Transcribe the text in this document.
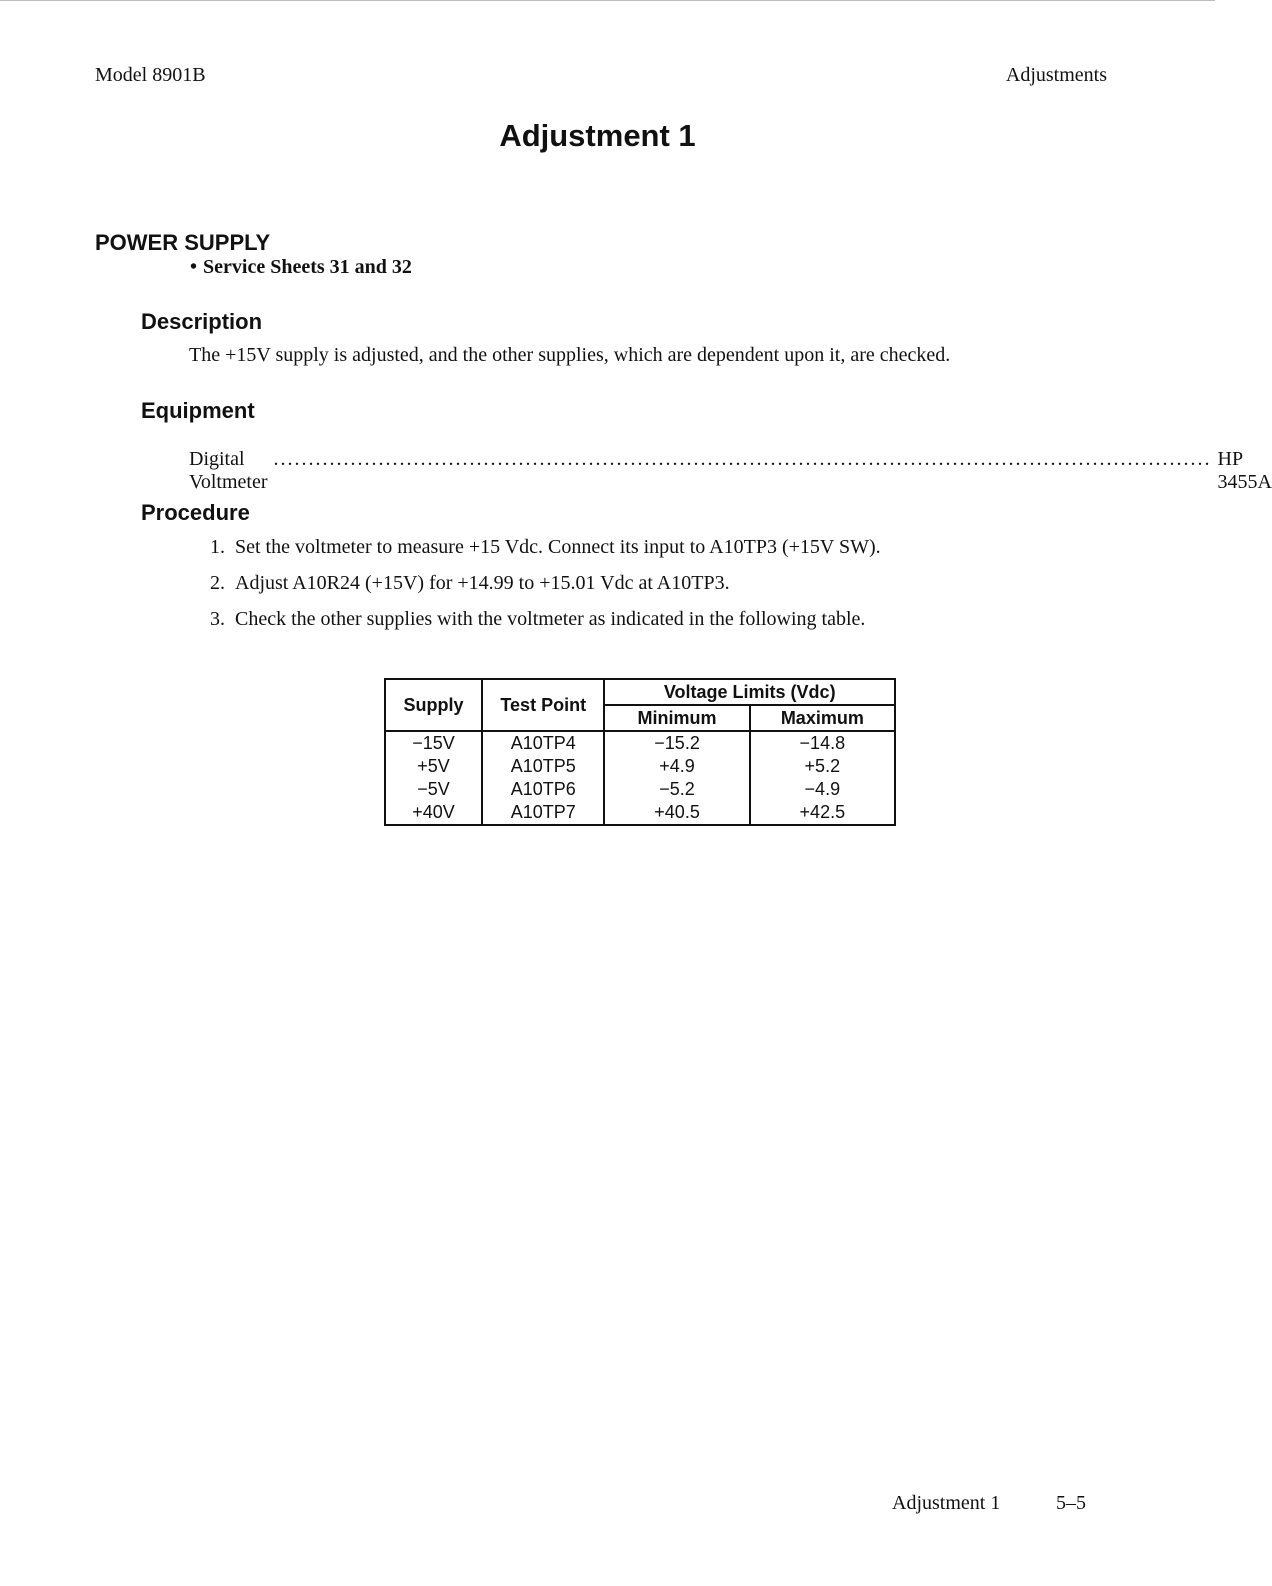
Model 8901B	Adjustments
Adjustment 1
POWER SUPPLY
• Service Sheets 31 and 32
Description
The +15V supply is adjusted, and the other supplies, which are dependent upon it, are checked.
Equipment
Digital Voltmeter
...................................................................................................................................... HP 3455A
Procedure
1. Set the voltmeter to measure +15 Vdc. Connect its input to A10TP3 (+15V SW).
2. Adjust A10R24 (+15V) for +14.99 to +15.01 Vdc at A10TP3.
3. Check the other supplies with the voltmeter as indicated in the following table.
Supply	Test Point	Voltage Limits (Vdc)	
		Minimum	Maximum
−15V	A10TP4	−15.2	−14.8
+5V	A10TP5	+4.9	+5.2
−5V	A10TP6	−5.2	−4.9
+40V	A10TP7	+40.5	+42.5
Adjustment 1	5–5
